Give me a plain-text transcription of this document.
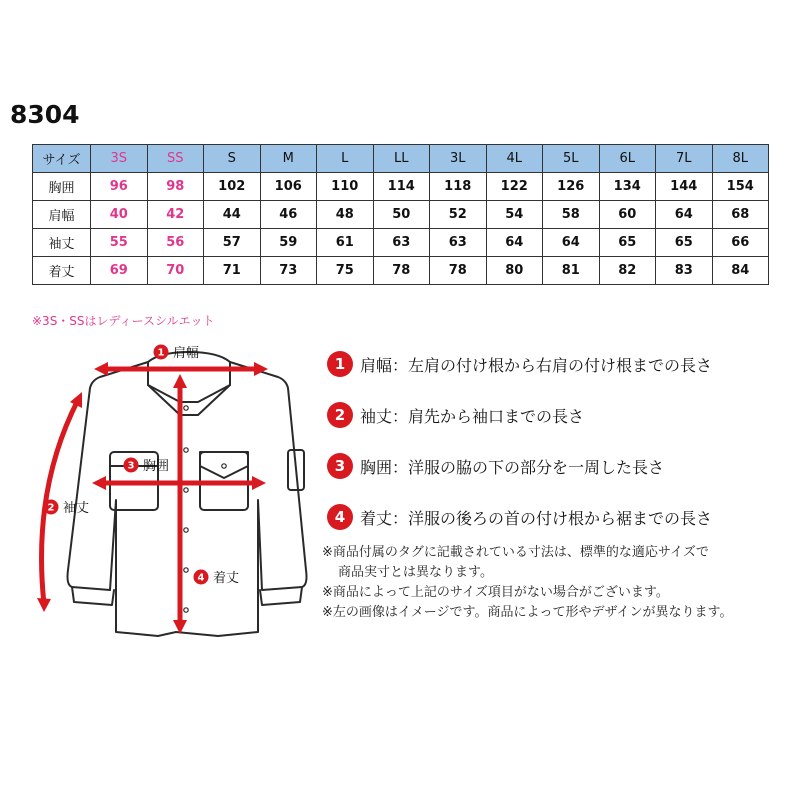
8304
サイズ	3S	SS	S	M	L	LL	3L	4L	5L	6L	7L	8L
胸囲	96	98	102	106	110	114	118	122	126	134	144	154
肩幅	40	42	44	46	48	50	52	54	58	60	64	68
袖丈	55	56	57	59	61	63	63	64	64	65	65	66
着丈	69	70	71	73	75	78	78	80	81	82	83	84
※3S・SSはレディースシルエット
1 肩幅
2 袖丈
3 胸囲
4 着丈
1 肩幅：左肩の付け根から右肩の付け根までの長さ
2 袖丈：肩先から袖口までの長さ
3 胸囲：洋服の脇の下の部分を一周した長さ
4 着丈：洋服の後ろの首の付け根から裾までの長さ
※商品付属のタグに記載されている寸法は、標準的な適応サイズで
商品実寸とは異なります。
※商品によって上記のサイズ項目がない場合がございます。
※左の画像はイメージです。商品によって形やデザインが異なります。
